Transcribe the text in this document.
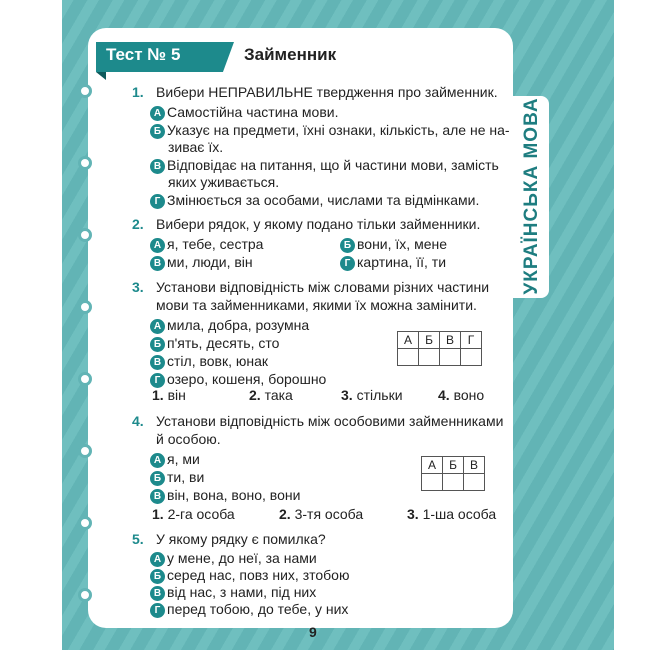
УКРАЇНСЬКА МОВА
Тест № 5	Займенник
1. Вибери НЕПРАВИЛЬНЕ твердження про займенник.
А Самостійна частина мови.
Б Указує на предмети, їхні ознаки, кількість, але не на-
зиває їх.
В Відповідає на питання, що й частини мови, замість
яких уживається.
Г Змінюється за особами, числами та відмінками.
2. Вибери рядок, у якому подано тільки займенники.
А я, тебе, сестра	Б вони, їх, мене
В ми, люди, він	Г картина, її, ти
3. Установи відповідність між словами різних частини
мови та займенниками, якими їх можна замінити.
А мила, добра, розумна
Б п'ять, десять, сто
В стіл, вовк, юнак
Г озеро, кошеня, борошно
А	Б	В	Г

1. він	2. така	3. стільки	4. воно
4. Установи відповідність між особовими займенниками
й особою.
А я, ми
Б ти, ви
В він, вона, воно, вони
А	Б	В

1. 2-га особа	2. 3-тя особа	3. 1-ша особа
5. У якому рядку є помилка?
А у мене, до неї, за нами
Б серед нас, повз них, зтобою
В від нас, з нами, під них
Г перед тобою, до тебе, у них
9
